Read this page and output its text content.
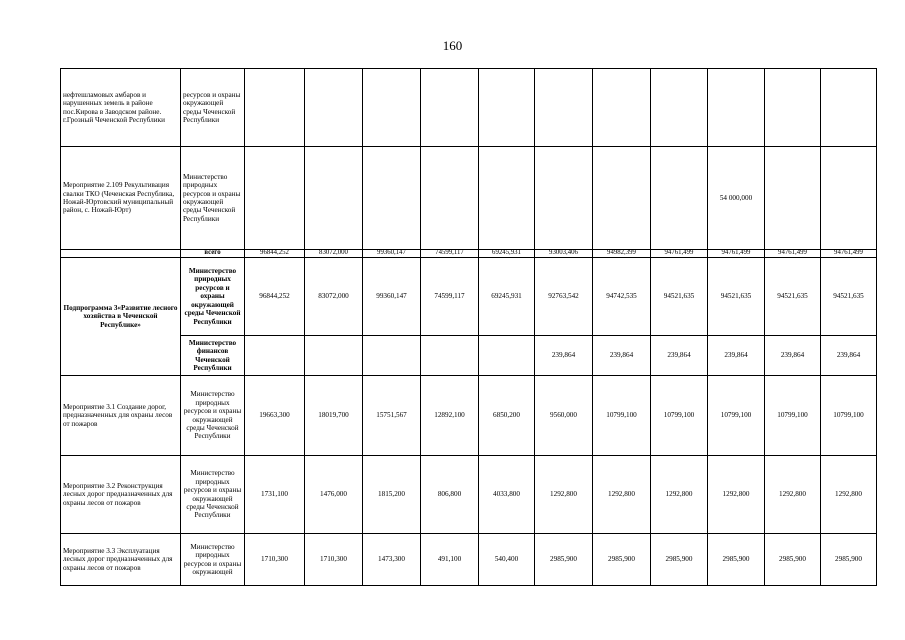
160
нефтешламовых амбаров и нарушенных земель в районе пос.Кирова в Заводском районе. г.Грозный Чеченской Республики	ресурсов и охраны окружающей среды Чеченской Республики											
Мероприятие 2.109 Рекультивация свалки ТКО (Чеченская Республика, Ножай-Юртовский муниципальный район, с. Ножай-Юрт)	Министерство природных ресурсов и охраны окружающей среды Чеченской Республики									54 000,000		
	всего	96844,252	83072,000	99360,147	74599,117	69245,931	93003,406	94982,399	94761,499	94761,499	94761,499	94761,499
Подпрограмма 3«Развитие лесного хозяйства в Чеченской Республике»	Министерство природных ресурсов и охраны окружающей среды Чеченской Республики	96844,252	83072,000	99360,147	74599,117	69245,931	92763,542	94742,535	94521,635	94521,635	94521,635	94521,635
	Министерство финансов Чеченской Республики						239,864	239,864	239,864	239,864	239,864	239,864
Мероприятие 3.1 Создание дорог, предназначенных для охраны лесов от пожаров	Министерство природных ресурсов и охраны окружающей среды Чеченской Республики	19663,300	18019,700	15751,567	12892,100	6850,200	9560,000	10799,100	10799,100	10799,100	10799,100	10799,100
Мероприятие 3.2 Реконструкция лесных дорог предназначенных для охраны лесов от пожаров	Министерство природных ресурсов и охраны окружающей среды Чеченской Республики	1731,100	1476,000	1815,200	806,800	4033,800	1292,800	1292,800	1292,800	1292,800	1292,800	1292,800
Мероприятие 3.3 Эксплуатация лесных дорог предназначенных для охраны лесов от пожаров	Министерство природных ресурсов и охраны окружающей	1710,300	1710,300	1473,300	491,100	540,400	2985,900	2985,900	2985,900	2985,900	2985,900	2985,900
